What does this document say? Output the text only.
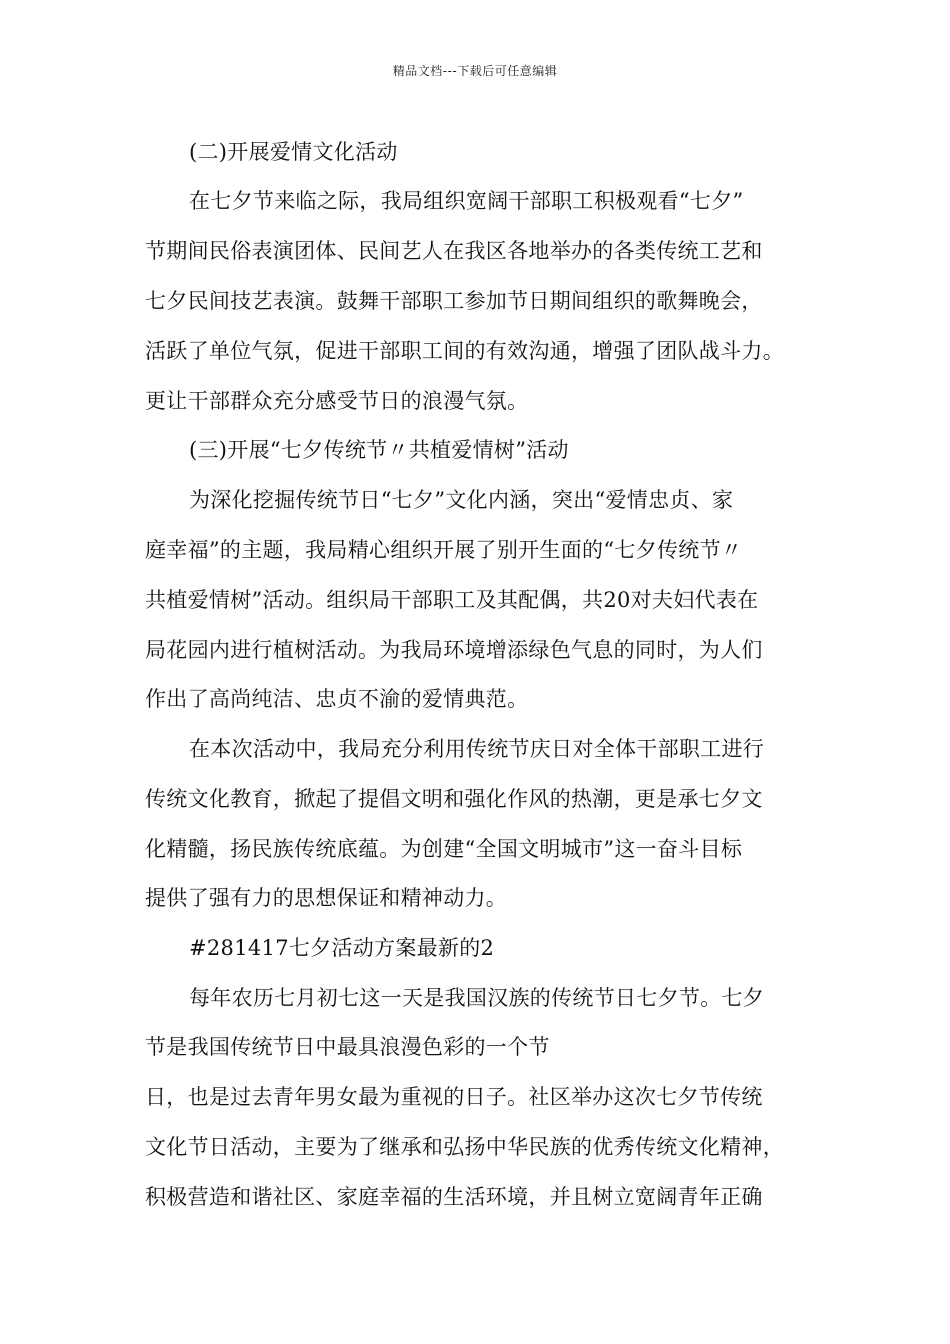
精品文档---下载后可任意编辑
(二)开展爱情文化活动
在七夕节来临之际，我局组织宽阔干部职工积极观看“七夕”
节期间民俗表演团体、民间艺人在我区各地举办的各类传统工艺和
七夕民间技艺表演。鼓舞干部职工参加节日期间组织的歌舞晚会，
活跃了单位气氛，促进干部职工间的有效沟通，增强了团队战斗力。
更让干部群众充分感受节日的浪漫气氛。
(三)开展“七夕传统节〃共植爱情树”活动
为深化挖掘传统节日“七夕”文化内涵，突出“爱情忠贞、家
庭幸福”的主题，我局精心组织开展了别开生面的“七夕传统节〃
共植爱情树”活动。组织局干部职工及其配偶，共20对夫妇代表在
局花园内进行植树活动。为我局环境增添绿色气息的同时，为人们
作出了高尚纯洁、忠贞不渝的爱情典范。
在本次活动中，我局充分利用传统节庆日对全体干部职工进行
传统文化教育，掀起了提倡文明和强化作风的热潮，更是承七夕文
化精髓，扬民族传统底蕴。为创建“全国文明城市”这一奋斗目标
提供了强有力的思想保证和精神动力。
#281417七夕活动方案最新的2
每年农历七月初七这一天是我国汉族的传统节日七夕节。七夕
节是我国传统节日中最具浪漫色彩的一个节
日，也是过去青年男女最为重视的日子。社区举办这次七夕节传统
文化节日活动，主要为了继承和弘扬中华民族的优秀传统文化精神，
积极营造和谐社区、家庭幸福的生活环境，并且树立宽阔青年正确
